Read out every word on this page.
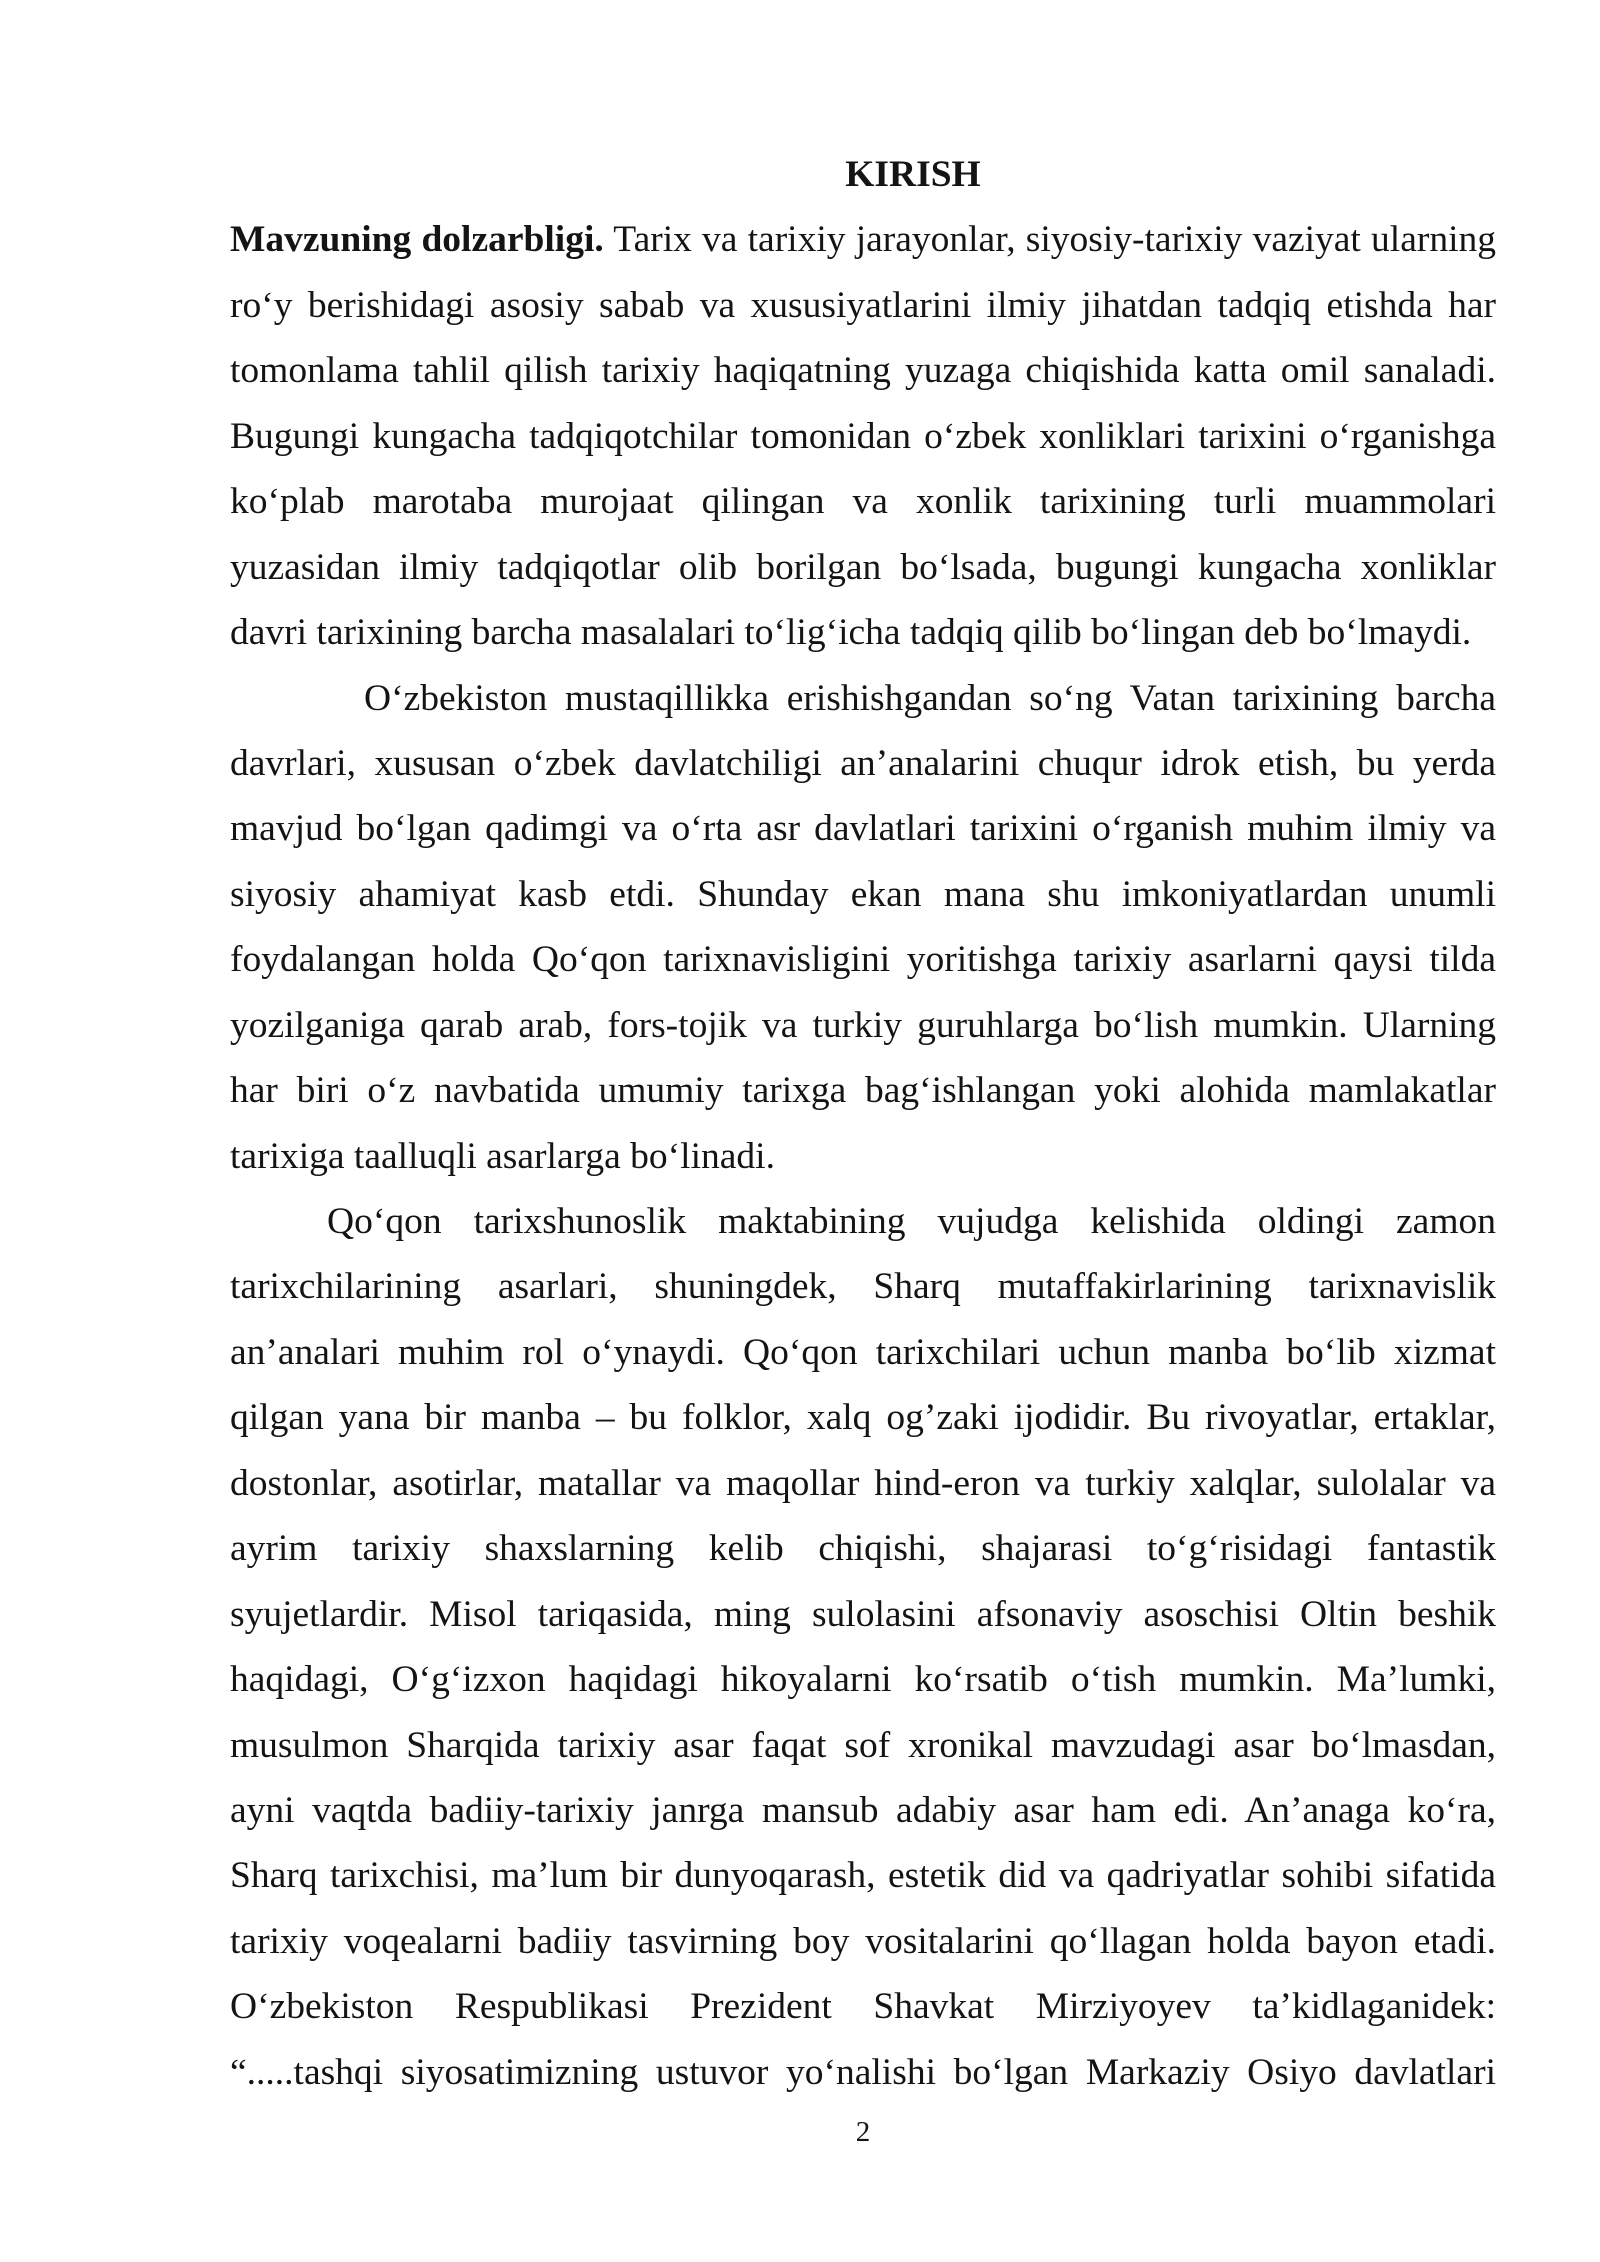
KIRISH
Mavzuning dolzarbligi. Tarix va tarixiy jarayonlar, siyosiy-tarixiy vaziyat ularning
ro‘y berishidagi asosiy sabab va xususiyatlarini ilmiy jihatdan tadqiq etishda har
tomonlama tahlil qilish tarixiy haqiqatning yuzaga chiqishida katta omil sanaladi.
Bugungi kungacha tadqiqotchilar tomonidan o‘zbek xonliklari tarixini o‘rganishga
ko‘plab marotaba murojaat qilingan va xonlik tarixining turli muammolari
yuzasidan ilmiy tadqiqotlar olib borilgan bo‘lsada, bugungi kungacha xonliklar
davri tarixining barcha masalalari to‘lig‘icha tadqiq qilib bo‘lingan deb bo‘lmaydi.
O‘zbekiston mustaqillikka erishishgandan so‘ng Vatan tarixining barcha
davrlari, xususan o‘zbek davlatchiligi an’analarini chuqur idrok etish, bu yerda
mavjud bo‘lgan qadimgi va o‘rta asr davlatlari tarixini o‘rganish muhim ilmiy va
siyosiy ahamiyat kasb etdi. Shunday ekan mana shu imkoniyatlardan unumli
foydalangan holda Qo‘qon tarixnavisligini yoritishga tarixiy asarlarni qaysi tilda
yozilganiga qarab arab, fors-tojik va turkiy guruhlarga bo‘lish mumkin. Ularning
har biri o‘z navbatida umumiy tarixga bag‘ishlangan yoki alohida mamlakatlar
tarixiga taalluqli asarlarga bo‘linadi.
Qo‘qon tarixshunoslik maktabining vujudga kelishida oldingi zamon
tarixchilarining asarlari, shuningdek, Sharq mutaffakirlarining tarixnavislik
an’analari muhim rol o‘ynaydi. Qo‘qon tarixchilari uchun manba bo‘lib xizmat
qilgan yana bir manba – bu folklor, xalq og’zaki ijodidir. Bu rivoyatlar, ertaklar,
dostonlar, asotirlar, matallar va maqollar hind-eron va turkiy xalqlar, sulolalar va
ayrim tarixiy shaxslarning kelib chiqishi, shajarasi to‘g‘risidagi fantastik
syujetlardir. Misol tariqasida, ming sulolasini afsonaviy asoschisi Oltin beshik
haqidagi, O‘g‘izxon haqidagi hikoyalarni ko‘rsatib o‘tish mumkin. Ma’lumki,
musulmon Sharqida tarixiy asar faqat sof xronikal mavzudagi asar bo‘lmasdan,
ayni vaqtda badiiy-tarixiy janrga mansub adabiy asar ham edi. An’anaga ko‘ra,
Sharq tarixchisi, ma’lum bir dunyoqarash, estetik did va qadriyatlar sohibi sifatida
tarixiy voqealarni badiiy tasvirning boy vositalarini qo‘llagan holda bayon etadi.
O‘zbekiston Respublikasi Prezident Shavkat Mirziyoyev ta’kidlaganidek:
“.....tashqi siyosatimizning ustuvor yo‘nalishi bo‘lgan Markaziy Osiyo davlatlari
2
